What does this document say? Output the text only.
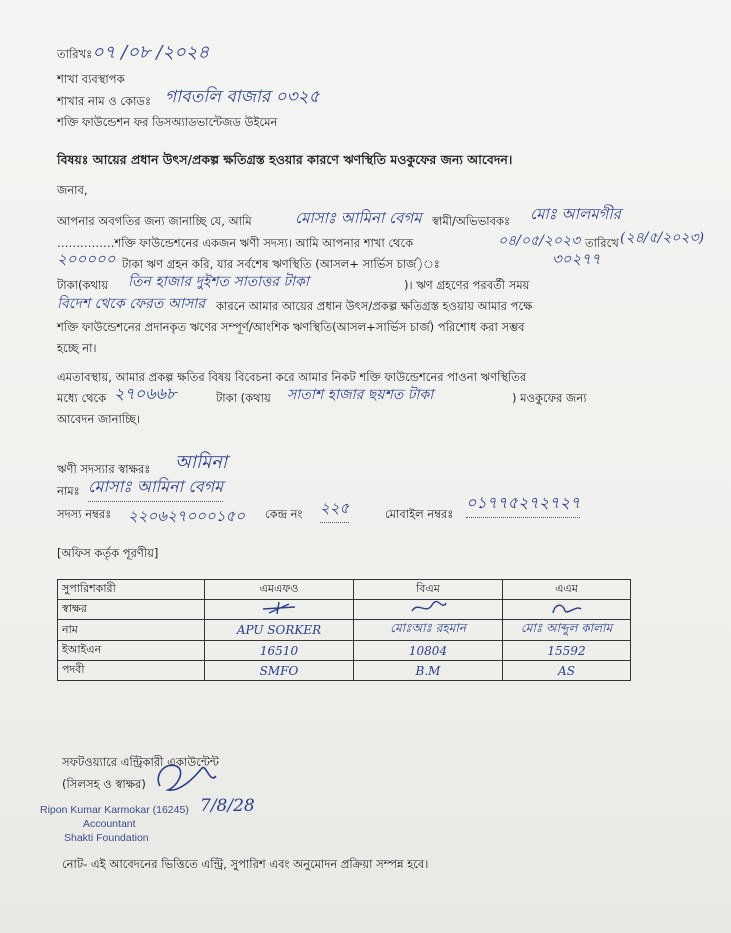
তারিখঃ ০৭ /০৮ /২০২৪
শাখা ব্যবস্থাপক
শাখার নাম ও কোডঃ গাবতলি বাজার ০৩২৫
শক্তি ফাউন্ডেশন ফর ডিসঅ্যাডভান্টেজড উইমেন
বিষয়ঃ আয়ের প্রধান উৎস/প্রকল্প ক্ষতিগ্রস্ত হওয়ার কারণে ঋণস্থিতি মওকুফের জন্য আবেদন।
জনাব,
আপনার অবগতির জন্য জানাচ্ছি যে, আমি	মোসাঃ আমিনা বেগম স্বামী/অভিভাবকঃ মোঃ আলমগীর
……………শক্তি ফাউন্ডেশনের একজন ঋণী সদস্য। আমি আপনার শাখা থেকে	০৪/০৫/২০২৩ তারিখে (২৪/৫/২০২৩)
২০০০০০ টাকা ঋণ গ্রহন করি, যার সর্বশেষ ঋণস্থিতি (আসল+ সার্ভিস চার্জ)ঃ	৩০২৭৭
টাকা(কথায় তিন হাজার দুইশত সাতাত্তর টাকা	)। ঋণ গ্রহণের পরবর্তী সময়
বিদেশ থেকে ফেরত আসার কারনে আমার আয়ের প্রধান উৎস/প্রকল্প ক্ষতিগ্রস্ত হওয়ায় আমার পক্ষে
শক্তি ফাউন্ডেশনের প্রদানকৃত ঋণের সম্পূর্ণ/আংশিক ঋণস্থিতি(আসল+সার্ভিস চার্জ) পরিশোধ করা সম্ভব
হচ্ছে না।
এমতাবস্থায়, আমার প্রকল্প ক্ষতির বিষয় বিবেচনা করে আমার নিকট শক্তি ফাউন্ডেশনের পাওনা ঋণস্থিতির
মধ্যে থেকে ২৭০৬৬৮	টাকা (কথায় সাতাশ হাজার ছয়শত টাকা	) মওকুফের জন্য
আবেদন জানাচ্ছি।
ঋণী সদস্যার স্বাক্ষরঃ আমিনা
নামঃ মোসাঃ আমিনা বেগম
সদস্য নম্বরঃ ২২০৬২৭০০০১৫০ কেন্দ্র নং ২২৫	মোবাইল নম্বরঃ
০১৭৭৫২৭২৭২৭
[অফিস কর্তৃক পূরণীয়]
সুপারিশকারী	এমএফও	বিএম	এএম
স্বাক্ষর			
নাম	APU SORKER	মোঃআঃ রহমান	মোঃ আব্দুল কালাম
ইআইএন	16510	10804	15592
পদবী	SMFO	B.M	AS
সফটওয়্যারে এন্ট্রিকারী একাউন্টেন্ট
(সিলসহ ও স্বাক্ষর)
7/8/28
Ripon Kumar Karmokar (16245)
Accountant
Shakti Foundation
নোট- এই আবেদনের ভিত্তিতে এন্ট্রি, সুপারিশ এবং অনুমোদন প্রক্রিয়া সম্পন্ন হবে।
